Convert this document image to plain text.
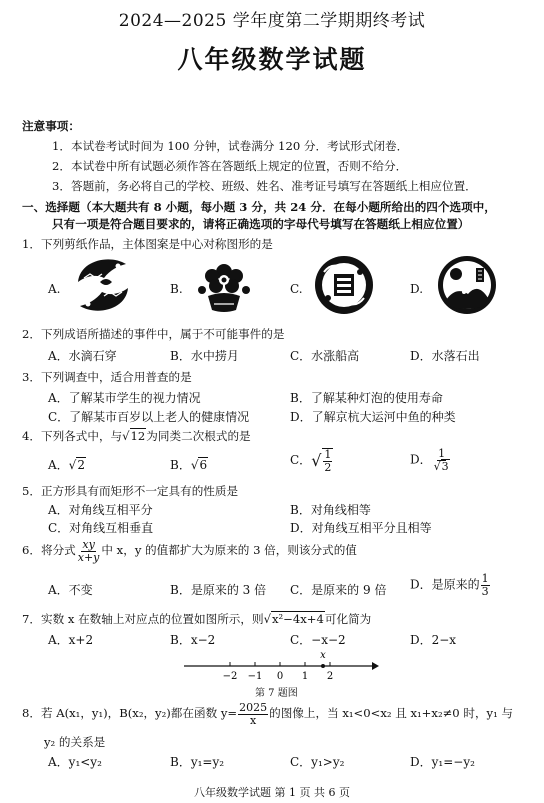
2024—2025 学年度第二学期期终考试
八年级数学试题
注意事项：
1．本试卷考试时间为 100 分钟，试卷满分 120 分．考试形式闭卷．
2．本试卷中所有试题必须作答在答题纸上规定的位置，否则不给分．
3．答题前，务必将自己的学校、班级、姓名、准考证号填写在答题纸上相应位置．
一、选择题（本大题共有 8 小题，每小题 3 分，共 24 分．在每小题所给出的四个选项中，
只有一项是符合题目要求的，请将正确选项的字母代号填写在答题纸上相应位置）
1．下列剪纸作品，主体图案是中心对称图形的是
A.	B.	C.	D.
2．下列成语所描述的事件中，属于不可能事件的是
A．水滴石穿	B．水中捞月	C．水涨船高	D．水落石出
3．下列调查中，适合用普查的是
A．了解某市学生的视力情况	B．了解某种灯泡的使用寿命
C．了解某市百岁以上老人的健康情况	D．了解京杭大运河中鱼的种类
4．下列各式中，与√12为同类二次根式的是
A．√2	B．√6	C．√ $\frac{1}{2}$	D． $\frac{1}{√3}$
5．正方形具有而矩形不一定具有的性质是
A．对角线互相平分	B．对角线相等
C．对角线互相垂直	D．对角线互相平分且相等
6．将分式 $\frac{xy}{x+y}$ 中 x，y 的值都扩大为原来的 3 倍，则该分式的值
A．不变	B．是原来的 3 倍 C．是原来的 9 倍 D．是原来的 $\frac{1}{3}$
7．实数 x 在数轴上对应点的位置如图所示，则√x²−4x+4可化简为
A．x+2	B．x−2	C．−x−2	D．2−x
−2 −1 0 1 2
x
第 7 题图
8．若 A(x₁，y₁)，B(x₂，y₂)都在函数 $y= \frac{2025}{x}$ 的图像上，当 x₁<0<x₂ 且 x₁+x₂≠0 时，y₁ 与
y₂ 的关系是
A．y₁<y₂	B．y₁=y₂	C．y₁>y₂	D．y₁=−y₂
八年级数学试题 第 1 页 共 6 页
